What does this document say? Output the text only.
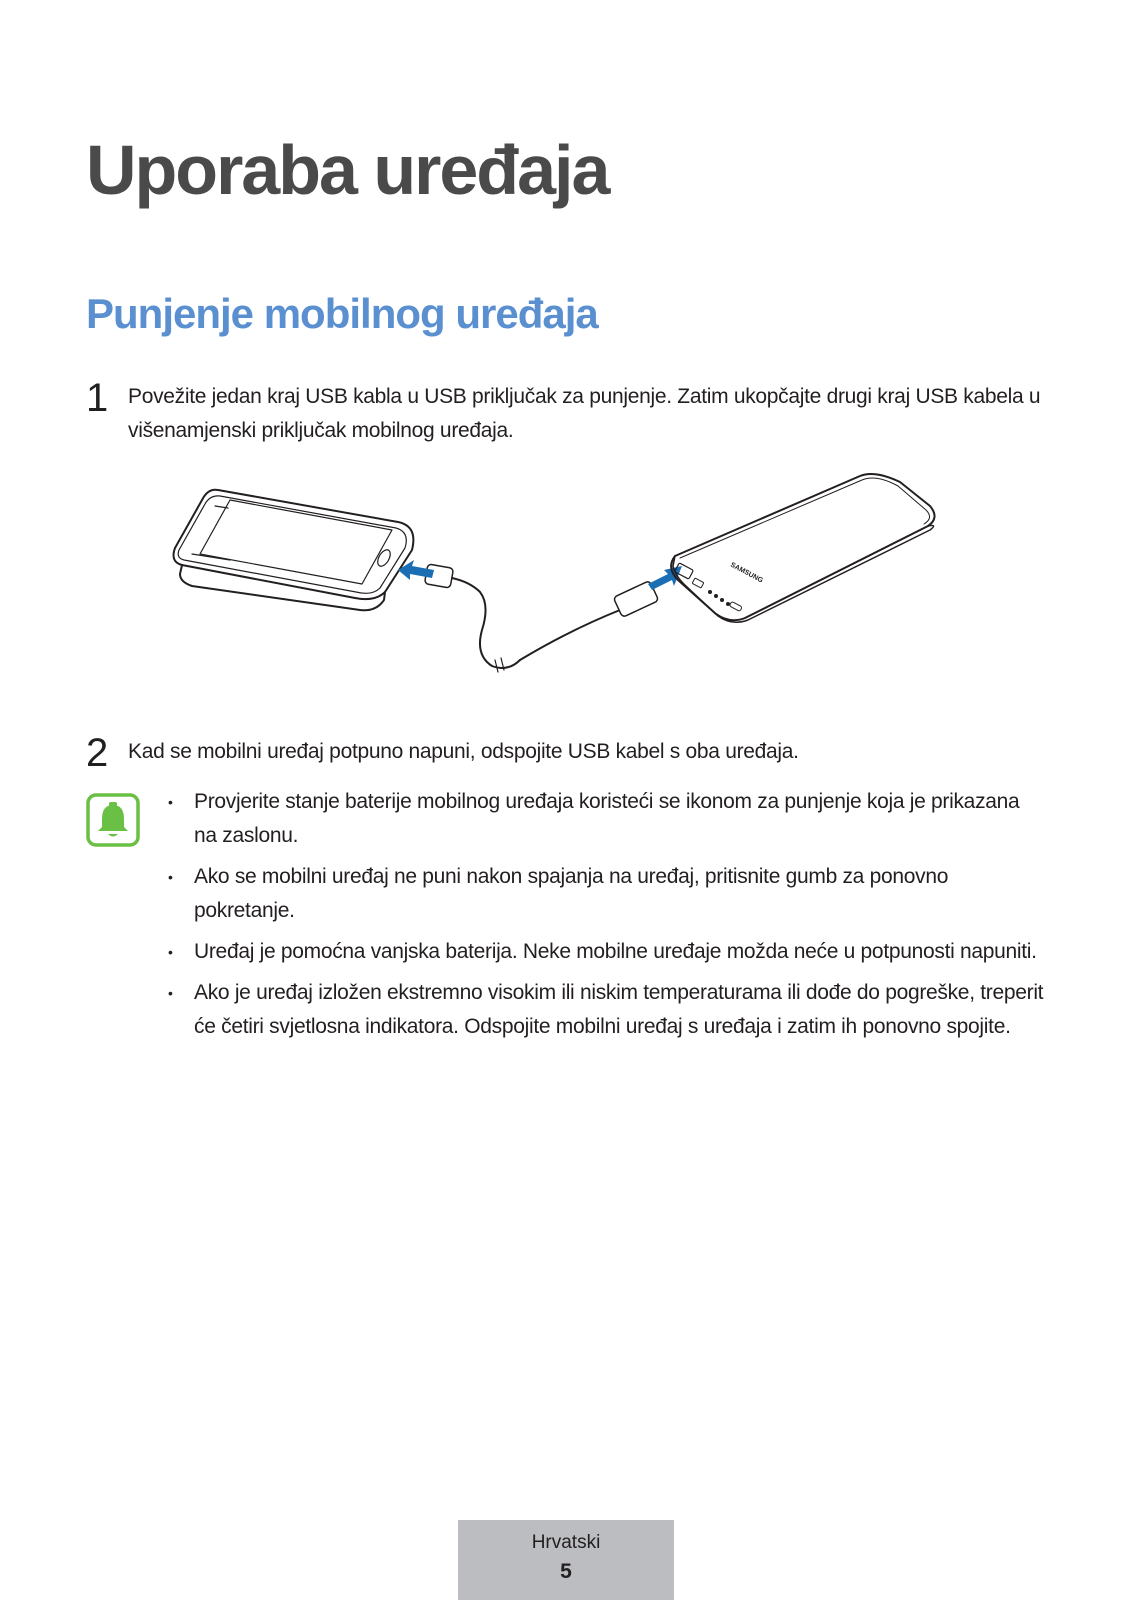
Uporaba uređaja
Punjenje mobilnog uređaja
1 Povežite jedan kraj USB kabla u USB priključak za punjenje. Zatim ukopčajte drugi kraj USB kabela u višenamjenski priključak mobilnog uređaja.
SAMSUNG
2 Kad se mobilni uređaj potpuno napuni, odspojite USB kabel s oba uređaja.
• Provjerite stanje baterije mobilnog uređaja koristeći se ikonom za punjenje koja je prikazana na zaslonu.
• Ako se mobilni uređaj ne puni nakon spajanja na uređaj, pritisnite gumb za ponovno pokretanje.
• Uređaj je pomoćna vanjska baterija. Neke mobilne uređaje možda neće u potpunosti napuniti.
• Ako je uređaj izložen ekstremno visokim ili niskim temperaturama ili dođe do pogreške, treperit će četiri svjetlosna indikatora. Odspojite mobilni uređaj s uređaja i zatim ih ponovno spojite.
Hrvatski
5
